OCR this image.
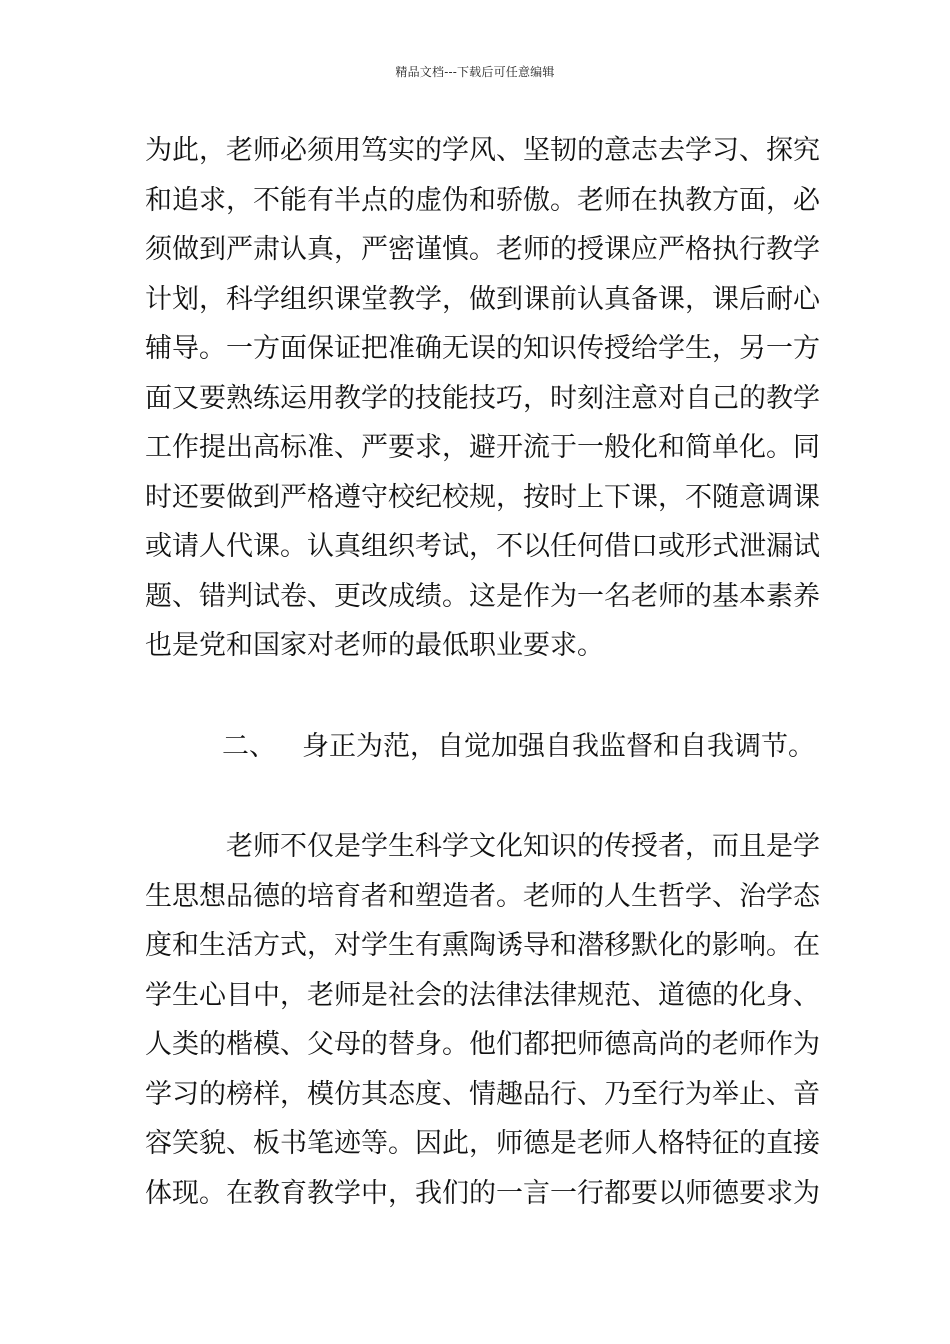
精品文档---下载后可任意编辑
为此，老师必须用笃实的学风、坚韧的意志去学习、探究
和追求，不能有半点的虚伪和骄傲。老师在执教方面，必
须做到严肃认真，严密谨慎。老师的授课应严格执行教学
计划，科学组织课堂教学，做到课前认真备课，课后耐心
辅导。一方面保证把准确无误的知识传授给学生，另一方
面又要熟练运用教学的技能技巧，时刻注意对自己的教学
工作提出高标准、严要求，避开流于一般化和简单化。同
时还要做到严格遵守校纪校规，按时上下课，不随意调课
或请人代课。认真组织考试，不以任何借口或形式泄漏试
题、错判试卷、更改成绩。这是作为一名老师的基本素养
也是党和国家对老师的最低职业要求。
二、 身正为范，自觉加强自我监督和自我调节。
老师不仅是学生科学文化知识的传授者，而且是学
生思想品德的培育者和塑造者。老师的人生哲学、治学态
度和生活方式，对学生有熏陶诱导和潜移默化的影响。在
学生心目中，老师是社会的法律法律规范、道德的化身、
人类的楷模、父母的替身。他们都把师德高尚的老师作为
学习的榜样，模仿其态度、情趣品行、乃至行为举止、音
容笑貌、板书笔迹等。因此，师德是老师人格特征的直接
体现。在教育教学中，我们的一言一行都要以师德要求为
